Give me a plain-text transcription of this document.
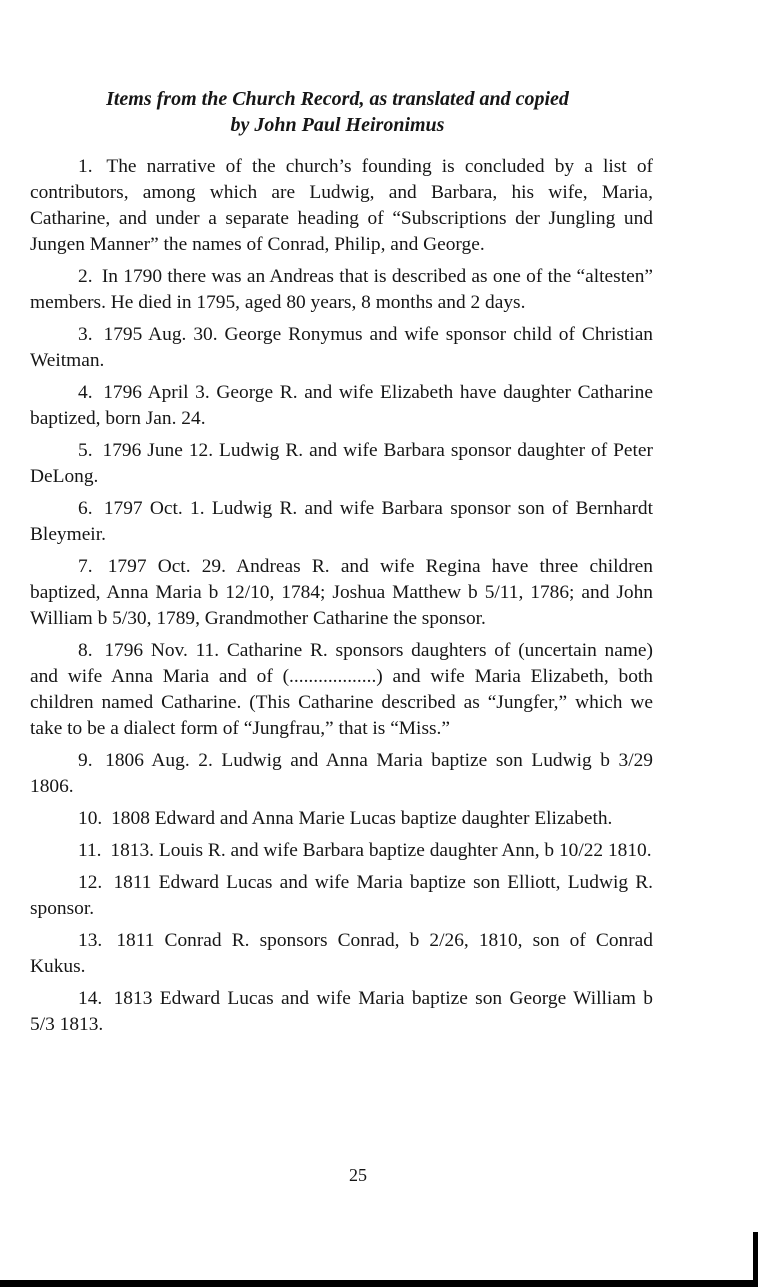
Items from the Church Record, as translated and copied
by John Paul Heironimus
1. The narrative of the church’s founding is concluded by a list of contributors, among which are Ludwig, and Barbara, his wife, Maria, Catharine, and under a separate heading of “Subscriptions der Jungling und Jungen Manner” the names of Conrad, Philip, and George.
2. In 1790 there was an Andreas that is described as one of the “altesten” members. He died in 1795, aged 80 years, 8 months and 2 days.
3. 1795 Aug. 30. George Ronymus and wife sponsor child of Christian Weitman.
4. 1796 April 3. George R. and wife Elizabeth have daughter Catharine baptized, born Jan. 24.
5. 1796 June 12. Ludwig R. and wife Barbara sponsor daughter of Peter DeLong.
6. 1797 Oct. 1. Ludwig R. and wife Barbara sponsor son of Bernhardt Bleymeir.
7. 1797 Oct. 29. Andreas R. and wife Regina have three children baptized, Anna Maria b 12/10, 1784; Joshua Matthew b 5/11, 1786; and John William b 5/30, 1789, Grandmother Catharine the sponsor.
8. 1796 Nov. 11. Catharine R. sponsors daughters of (uncertain name) and wife Anna Maria and of (..................) and wife Maria Elizabeth, both children named Catharine. (This Catharine described as “Jungfer,” which we take to be a dialect form of “Jungfrau,” that is “Miss.”
9. 1806 Aug. 2. Ludwig and Anna Maria baptize son Ludwig b 3/29 1806.
10. 1808 Edward and Anna Marie Lucas baptize daughter Elizabeth.
11. 1813. Louis R. and wife Barbara baptize daughter Ann, b 10/22 1810.
12. 1811 Edward Lucas and wife Maria baptize son Elliott, Ludwig R. sponsor.
13. 1811 Conrad R. sponsors Conrad, b 2/26, 1810, son of Conrad Kukus.
14. 1813 Edward Lucas and wife Maria baptize son George William b 5/3 1813.
25
